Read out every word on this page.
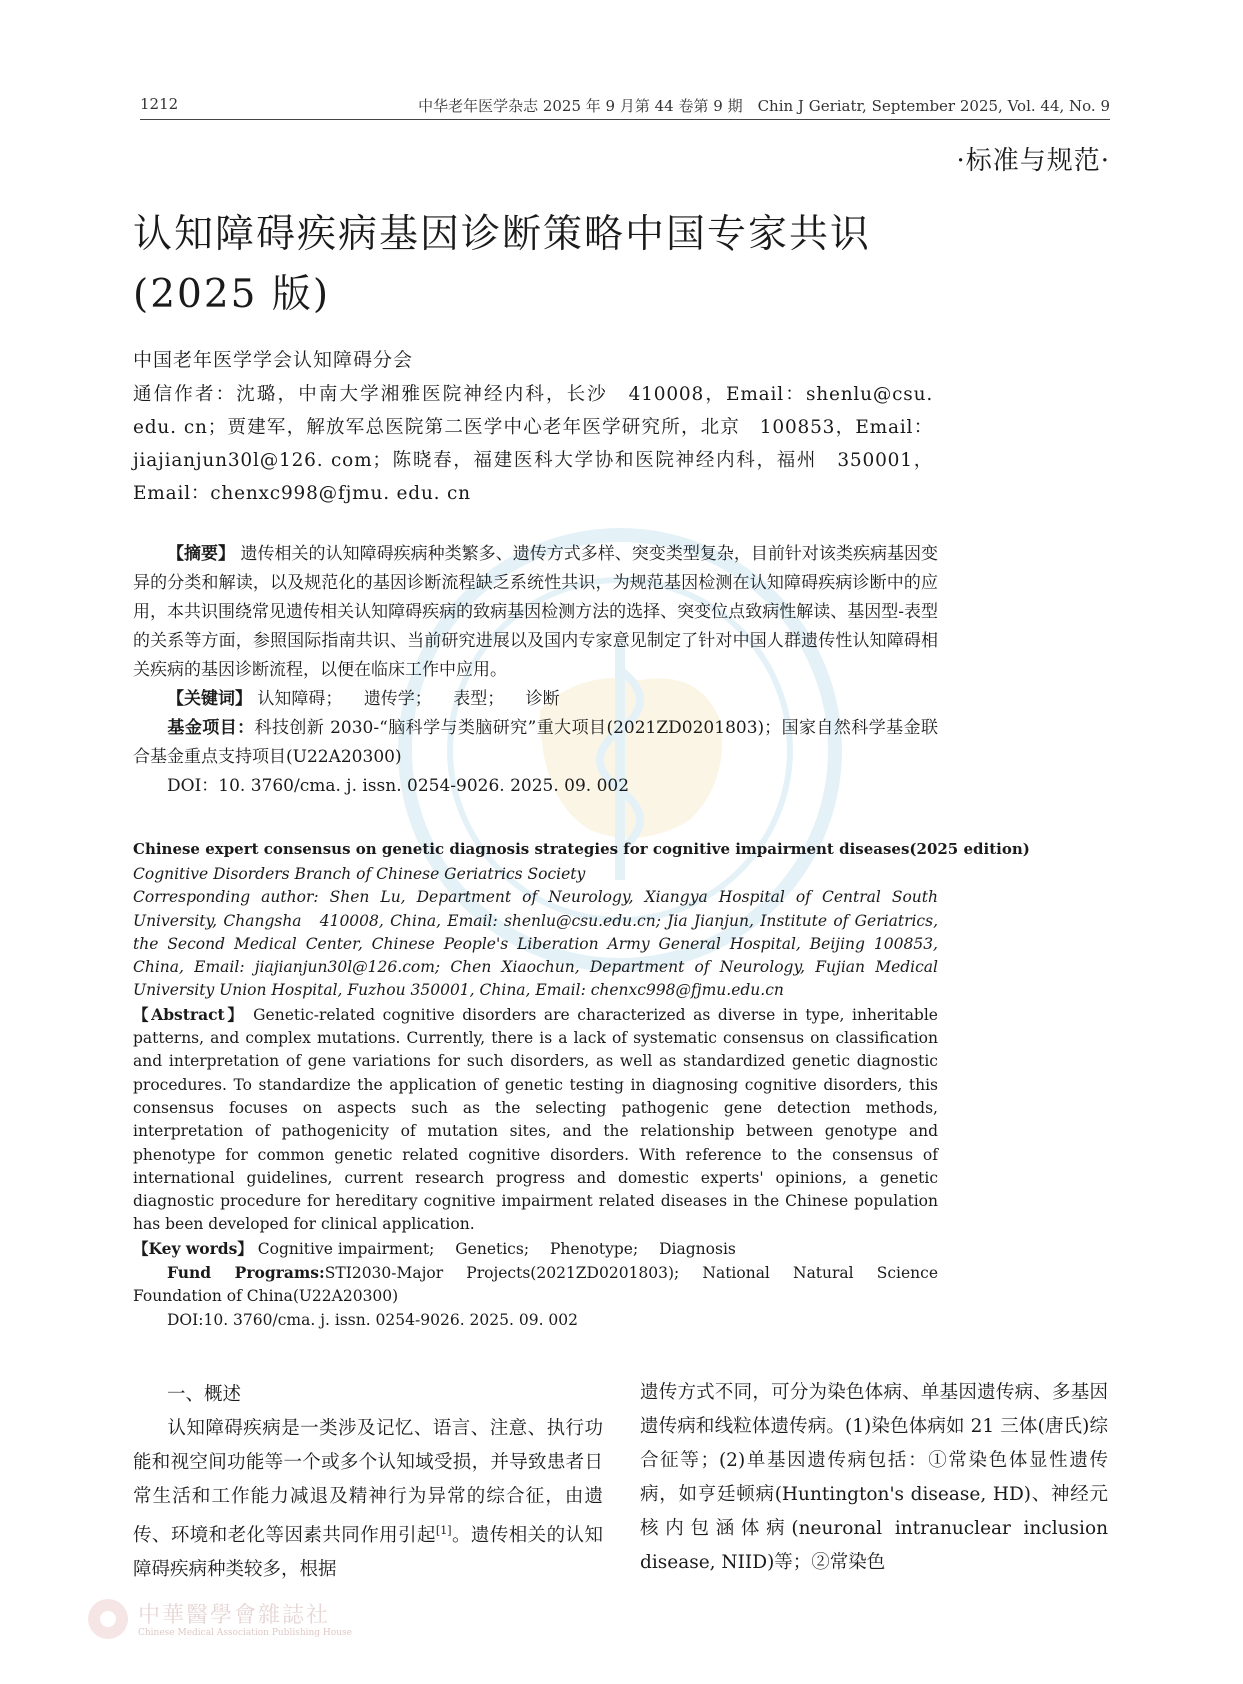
1212	中华老年医学杂志 2025 年 9 月第 44 卷第 9 期　Chin J Geriatr, September 2025, Vol. 44, No. 9
·标准与规范·
认知障碍疾病基因诊断策略中国专家共识
(2025 版)
中国老年医学学会认知障碍分会
通信作者：沈璐，中南大学湘雅医院神经内科，长沙　410008，Email：shenlu@csu. edu. cn；贾建军，解放军总医院第二医学中心老年医学研究所，北京　100853，Email：jiajianjun30l@126. com；陈晓春，福建医科大学协和医院神经内科，福州　350001，Email：chenxc998@fjmu. edu. cn

【摘要】 遗传相关的认知障碍疾病种类繁多、遗传方式多样、突变类型复杂，目前针对该类疾病基因变异的分类和解读，以及规范化的基因诊断流程缺乏系统性共识，为规范基因检测在认知障碍疾病诊断中的应用，本共识围绕常见遗传相关认知障碍疾病的致病基因检测方法的选择、突变位点致病性解读、基因型-表型的关系等方面，参照国际指南共识、当前研究进展以及国内专家意见制定了针对中国人群遗传性认知障碍相关疾病的基因诊断流程，以便在临床工作中应用。

【关键词】 认知障碍； 遗传学； 表型； 诊断

基金项目：科技创新 2030-“脑科学与类脑研究”重大项目(2021ZD0201803)；国家自然科学基金联合基金重点支持项目(U22A20300)

DOI：10. 3760/cma. j. issn. 0254-9026. 2025. 09. 002

Chinese expert consensus on genetic diagnosis strategies for cognitive impairment diseases(2025 edition)

Cognitive Disorders Branch of Chinese Geriatrics Society

Corresponding author: Shen Lu, Department of Neurology, Xiangya Hospital of Central South University, Changsha　410008, China, Email: shenlu@csu.edu.cn; Jia Jianjun, Institute of Geriatrics, the Second Medical Center, Chinese People's Liberation Army General Hospital, Beijing 100853, China, Email: jiajianjun30l@126.com; Chen Xiaochun, Department of Neurology, Fujian Medical University Union Hospital, Fuzhou 350001, China, Email: chenxc998@fjmu.edu.cn

【Abstract】 Genetic-related cognitive disorders are characterized as diverse in type, inheritable patterns, and complex mutations. Currently, there is a lack of systematic consensus on classification and interpretation of gene variations for such disorders, as well as standardized genetic diagnostic procedures. To standardize the application of genetic testing in diagnosing cognitive disorders, this consensus focuses on aspects such as the selecting pathogenic gene detection methods, interpretation of pathogenicity of mutation sites, and the relationship between genotype and phenotype for common genetic related cognitive disorders. With reference to the consensus of international guidelines, current research progress and domestic experts' opinions, a genetic diagnostic procedure for hereditary cognitive impairment related diseases in the Chinese population has been developed for clinical application.

【Key words】 Cognitive impairment; Genetics; Phenotype; Diagnosis

Fund Programs:STI2030-Major Projects(2021ZD0201803); National Natural Science Foundation of China(U22A20300)

DOI:10. 3760/cma. j. issn. 0254-9026. 2025. 09. 002

一、概述

认知障碍疾病是一类涉及记忆、语言、注意、执行功能和视空间功能等一个或多个认知域受损，并导致患者日常生活和工作能力减退及精神行为异常的综合征，由遗传、环境和老化等因素共同作用引起[1]。遗传相关的认知障碍疾病种类较多，根据

遗传方式不同，可分为染色体病、单基因遗传病、多基因遗传病和线粒体遗传病。(1)染色体病如 21 三体(唐氏)综合征等；(2)单基因遗传病包括：①常染色体显性遗传病，如亨廷顿病(Huntington's disease, HD)、神经元核内包涵体病(neuronal intranuclear inclusion disease, NIID)等；②常染色

中華醫學會雜誌社
Chinese Medical Association Publishing House
